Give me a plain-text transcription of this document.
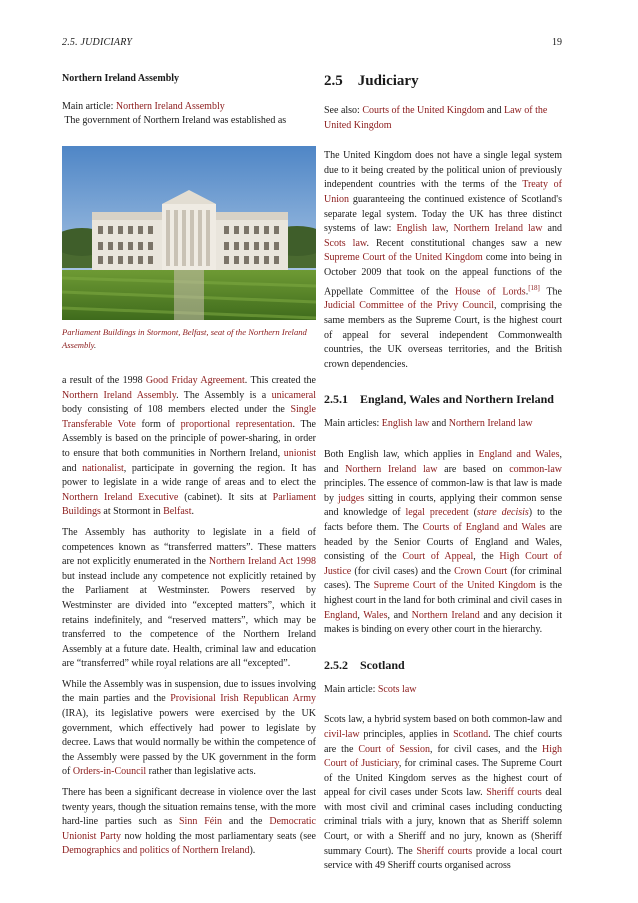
2.5. JUDICIARY	19
Northern Ireland Assembly

Main article: Northern Ireland Assembly

The government of Northern Ireland was established as

Parliament Buildings in Stormont, Belfast, seat of the Northern Ireland Assembly.

a result of the 1998 Good Friday Agreement. This created the Northern Ireland Assembly. The Assembly is a unicameral body consisting of 108 members elected under the Single Transferable Vote form of proportional representation. The Assembly is based on the principle of power-sharing, in order to ensure that both communities in Northern Ireland, unionist and nationalist, participate in governing the region. It has power to legislate in a wide range of areas and to elect the Northern Ireland Executive (cabinet). It sits at Parliament Buildings at Stormont in Belfast.

The Assembly has authority to legislate in a field of competences known as “transferred matters”. These matters are not explicitly enumerated in the Northern Ireland Act 1998 but instead include any competence not explicitly retained by the Parliament at Westminster. Powers reserved by Westminster are divided into “excepted matters”, which it retains indefinitely, and “reserved matters”, which may be transferred to the competence of the Northern Ireland Assembly at a future date. Health, criminal law and education are “transferred” while royal relations are all “excepted”.

While the Assembly was in suspension, due to issues involving the main parties and the Provisional Irish Republican Army (IRA), its legislative powers were exercised by the UK government, which effectively had power to legislate by decree. Laws that would normally be within the competence of the Assembly were passed by the UK government in the form of Orders-in-Council rather than legislative acts.

There has been a significant decrease in violence over the last twenty years, though the situation remains tense, with the more hard-line parties such as Sinn Féin and the Democratic Unionist Party now holding the most parliamentary seats (see Demographics and politics of Northern Ireland).

2.5 Judiciary

See also: Courts of the United Kingdom and Law of the United Kingdom

The United Kingdom does not have a single legal system due to it being created by the political union of previously independent countries with the terms of the Treaty of Union guaranteeing the continued existence of Scotland's separate legal system. Today the UK has three distinct systems of law: English law, Northern Ireland law and Scots law. Recent constitutional changes saw a new Supreme Court of the United Kingdom come into being in October 2009 that took on the appeal functions of the Appellate Committee of the House of Lords.[18] The Judicial Committee of the Privy Council, comprising the same members as the Supreme Court, is the highest court of appeal for several independent Commonwealth countries, the UK overseas territories, and the British crown dependencies.

2.5.1	England, Wales and Northern Ireland

Main articles: English law and Northern Ireland law

Both English law, which applies in England and Wales, and Northern Ireland law are based on common-law principles. The essence of common-law is that law is made by judges sitting in courts, applying their common sense and knowledge of legal precedent (stare decisis) to the facts before them. The Courts of England and Wales are headed by the Senior Courts of England and Wales, consisting of the Court of Appeal, the High Court of Justice (for civil cases) and the Crown Court (for criminal cases). The Supreme Court of the United Kingdom is the highest court in the land for both criminal and civil cases in England, Wales, and Northern Ireland and any decision it makes is binding on every other court in the hierarchy.

2.5.2	Scotland

Main article: Scots law

Scots law, a hybrid system based on both common-law and civil-law principles, applies in Scotland. The chief courts are the Court of Session, for civil cases, and the High Court of Justiciary, for criminal cases. The Supreme Court of the United Kingdom serves as the highest court of appeal for civil cases under Scots law. Sheriff courts deal with most civil and criminal cases including conducting criminal trials with a jury, known that as Sheriff solemn Court, or with a Sheriff and no jury, known as (Sheriff summary Court). The Sheriff courts provide a local court service with 49 Sheriff courts organised across
